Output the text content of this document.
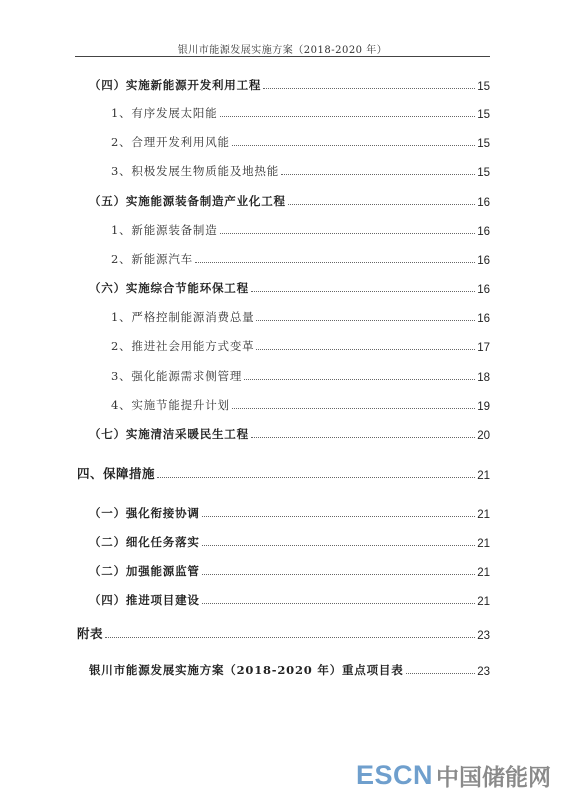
银川市能源发展实施方案（2018-2020 年）
（四）实施新能源开发利用工程	15
1、有序发展太阳能	15
2、合理开发利用风能	15
3、积极发展生物质能及地热能	15
（五）实施能源装备制造产业化工程	16
1、新能源装备制造	16
2、新能源汽车	16
（六）实施综合节能环保工程	16
1、严格控制能源消费总量	16
2、推进社会用能方式变革	17
3、强化能源需求侧管理	18
4、实施节能提升计划	19
（七）实施清洁采暖民生工程	20
四、保障措施	21
（一）强化衔接协调	21
（二）细化任务落实	21
（二）加强能源监管	21
（四）推进项目建设	21
附表	23
银川市能源发展实施方案（2018-2020 年）重点项目表	23
ESCN 中国储能网
